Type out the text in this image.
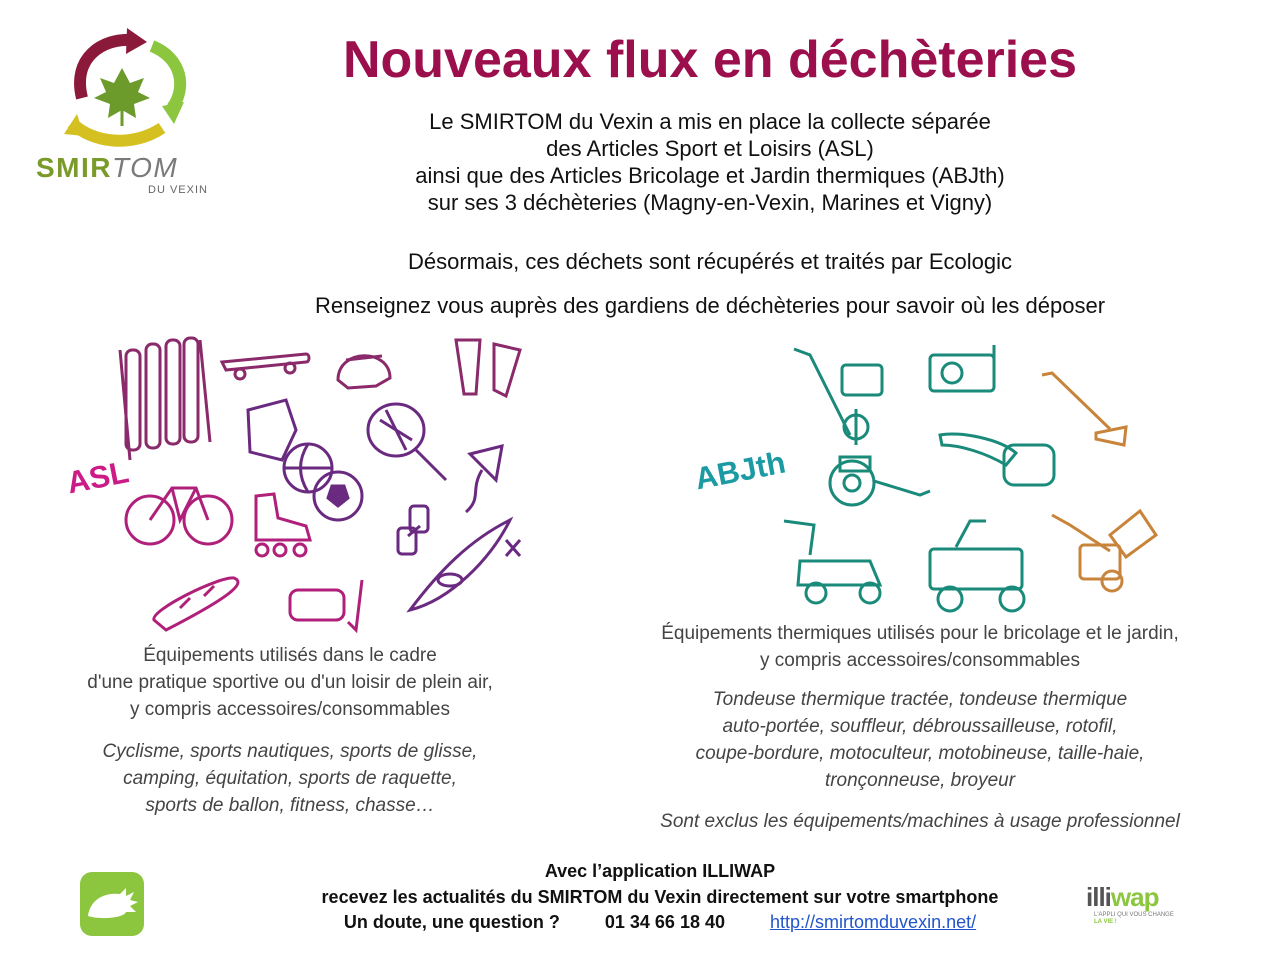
SMIRTOM
DU VEXIN
Nouveaux flux en déchèteries
Le SMIRTOM du Vexin a mis en place la collecte séparée
des Articles Sport et Loisirs (ASL)
ainsi que des Articles Bricolage et Jardin thermiques (ABJth)
sur ses 3 déchèteries (Magny-en-Vexin, Marines et Vigny)
Désormais, ces déchets sont récupérés et traités par Ecologic
Renseignez vous auprès des gardiens de déchèteries pour savoir où les déposer
ASL	ABJth
Équipements utilisés dans le cadre
d'une pratique sportive ou d'un loisir de plein air,
y compris accessoires/consommables
Cyclisme, sports nautiques, sports de glisse,
camping, équitation, sports de raquette,
sports de ballon, fitness, chasse…
Équipements thermiques utilisés pour le bricolage et le jardin,
y compris accessoires/consommables
Tondeuse thermique tractée, tondeuse thermique
auto-portée, souffleur, débroussailleuse, rotofil,
coupe-bordure, motoculteur, motobineuse, taille-haie,
tronçonneuse, broyeur
Sont exclus les équipements/machines à usage professionnel
Avec l’application ILLIWAP
recevez les actualités du SMIRTOM du Vexin directement sur votre smartphone
Un doute, une question ?	01 34 66 18 40	http://smirtomduvexin.net/
illiwap
L'APPLI QUI VOUS CHANGE
LA VIE !
